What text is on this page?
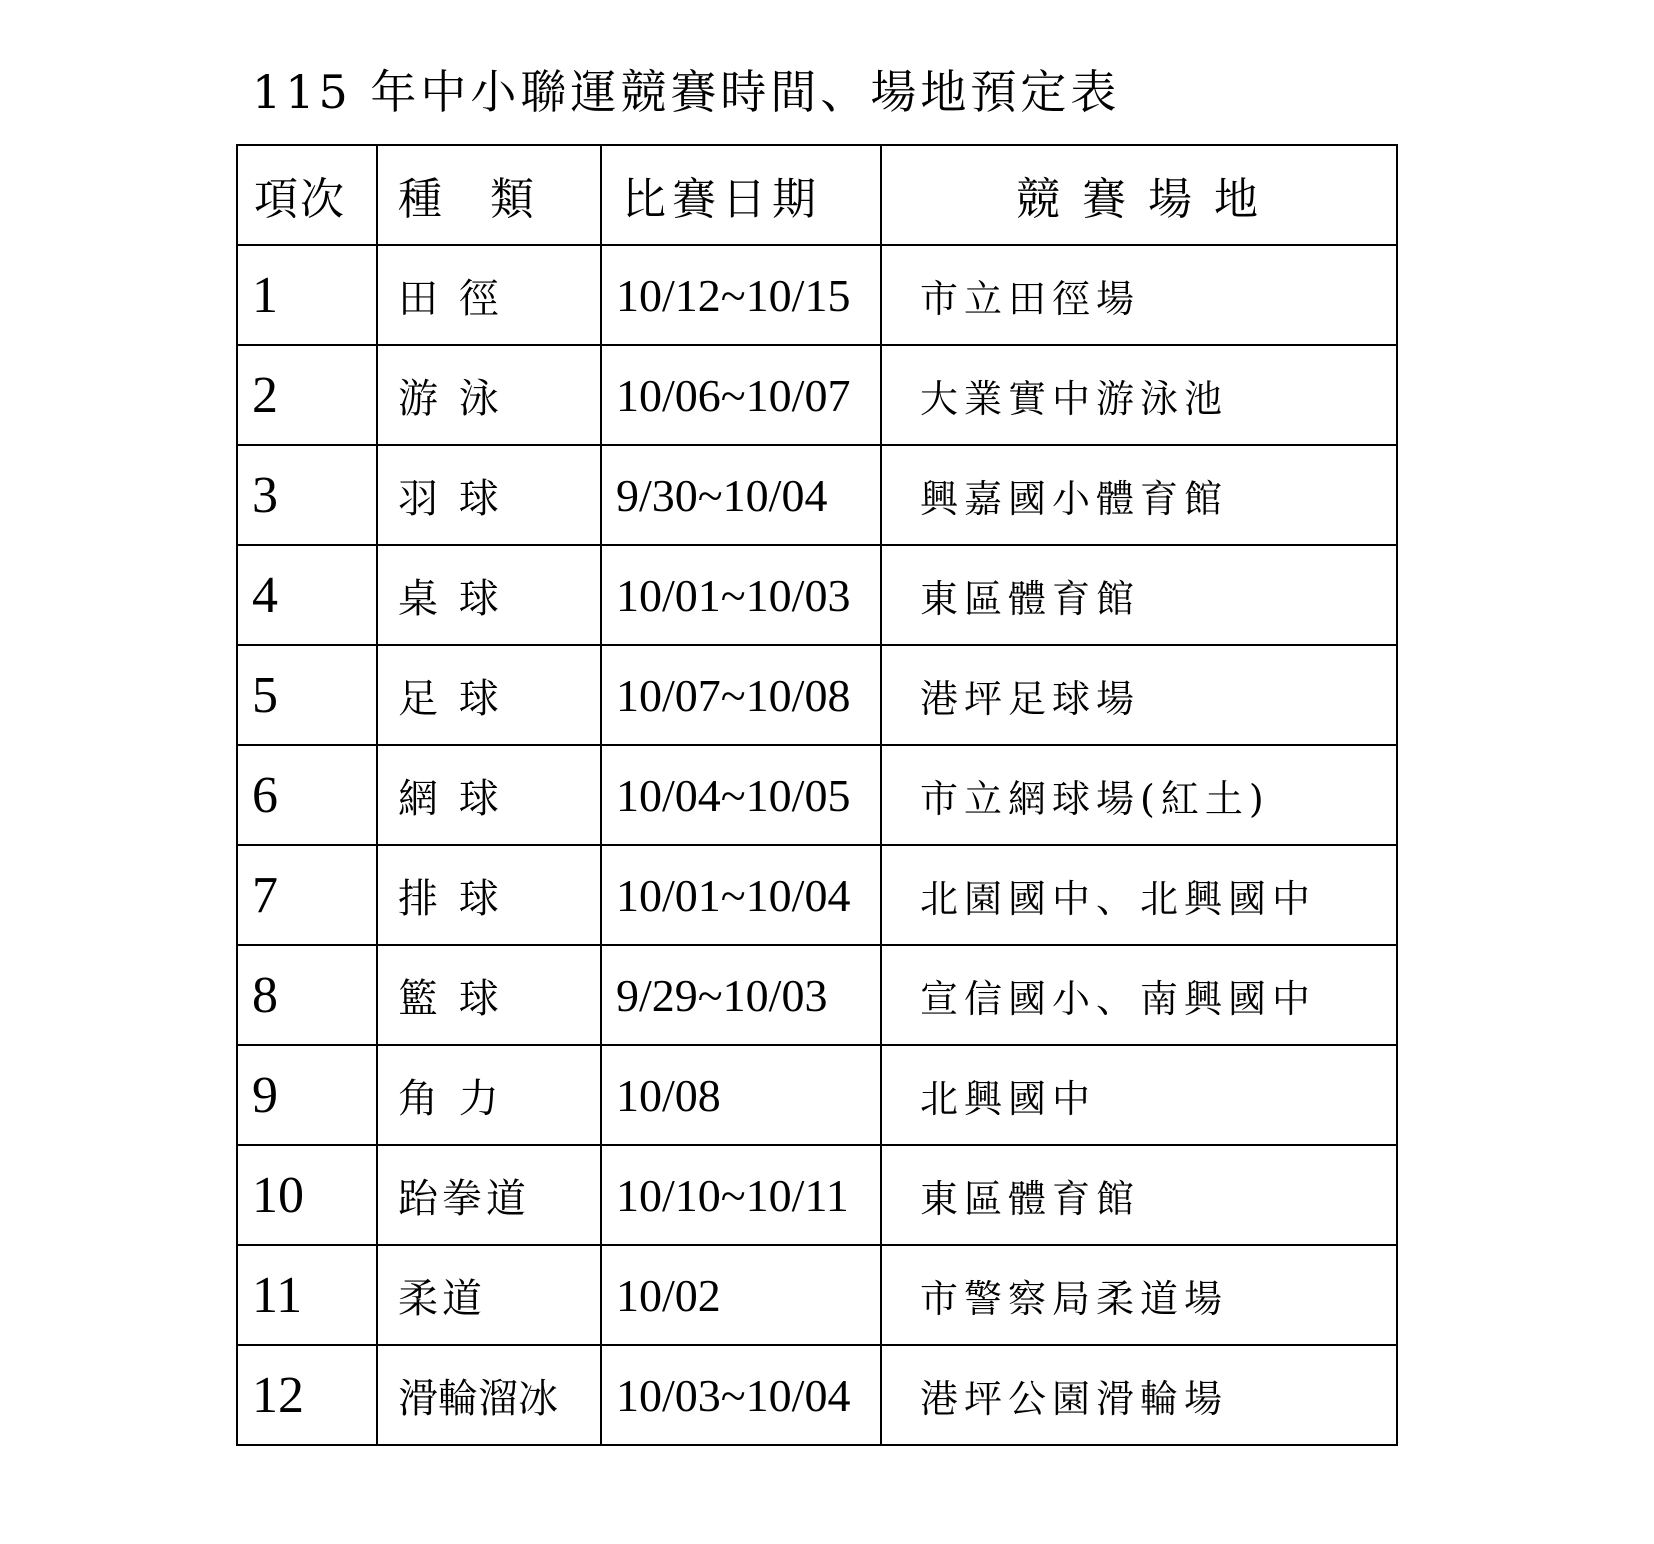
115 年中小聯運競賽時間、場地預定表
項次	種　類	比賽日期	競 賽 場 地
1	田 徑	10/12~10/15	市立田徑場
2	游 泳	10/06~10/07	大業實中游泳池
3	羽 球	9/30~10/04	興嘉國小體育館
4	桌 球	10/01~10/03	東區體育館
5	足 球	10/07~10/08	港坪足球場
6	網 球	10/04~10/05	市立網球場(紅土)
7	排 球	10/01~10/04	北園國中、北興國中
8	籃 球	9/29~10/03	宣信國小、南興國中
9	角 力	10/08	北興國中
10	跆拳道	10/10~10/11	東區體育館
11	柔道	10/02	市警察局柔道場
12	滑輪溜冰	10/03~10/04	港坪公園滑輪場
